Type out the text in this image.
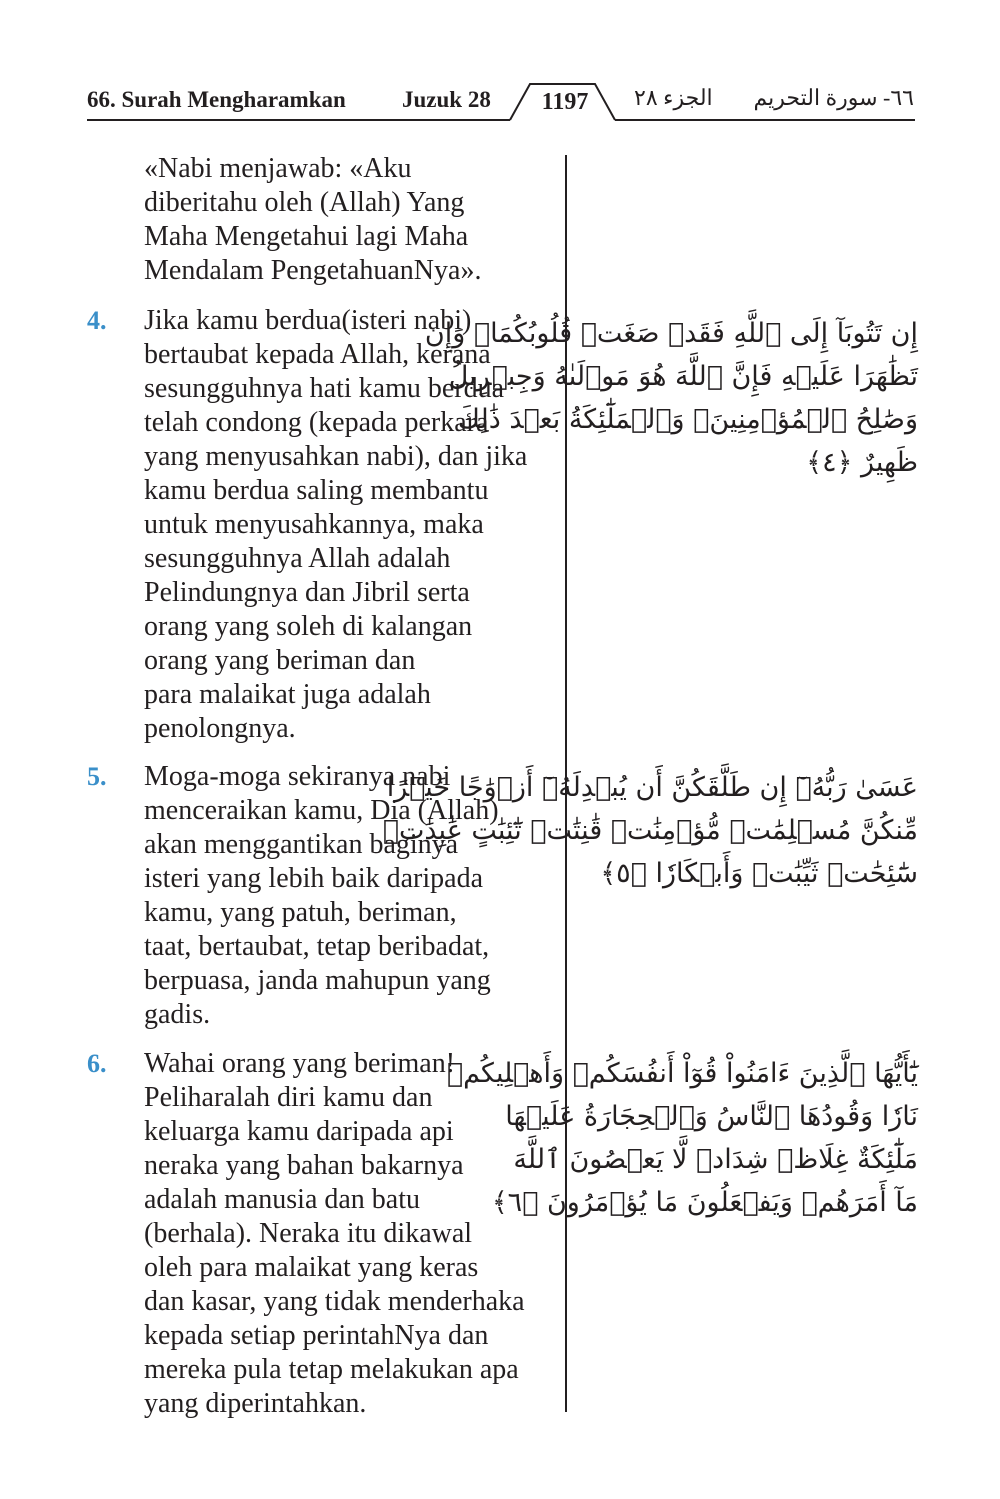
66. Surah Mengharamkan Juzuk 28	1197	الجزء ٢٨ ٦٦- سورة التحريم
«Nabi menjawab: «Aku
diberitahu oleh (Allah) Yang
Maha Mengetahui lagi Maha
Mendalam PengetahuanNya».
4. Jika kamu berdua(isteri nabi)
bertaubat kepada Allah, kerana
sesungguhnya hati kamu berdua
telah condong (kepada perkara
yang menyusahkan nabi), dan jika
kamu berdua saling membantu
untuk menyusahkannya, maka
sesungguhnya Allah adalah
Pelindungnya dan Jibril serta
orang yang soleh di kalangan
orang yang beriman dan
para malaikat juga adalah
penolongnya.
إِن تَتُوبَآ إِلَى ٱللَّهِ فَقَدۡ صَغَتۡ قُلُوبُكُمَاۖ وَإِن
تَظَٰهَرَا عَلَيۡهِ فَإِنَّ ٱللَّهَ هُوَ مَوۡلَىٰهُ وَجِبۡرِيلُ
وَصَٰلِحُ ٱلۡمُؤۡمِنِينَۖ وَٱلۡمَلَٰٓئِكَةُ بَعۡدَ ذَٰلِكَ
ظَهِيرٌ ﴿٤﴾
5. Moga-moga sekiranya nabi
menceraikan kamu, Dia (Allah)
akan menggantikan baginya
isteri yang lebih baik daripada
kamu, yang patuh, beriman,
taat, bertaubat, tetap beribadat,
berpuasa, janda mahupun yang
gadis.
عَسَىٰ رَبُّهُۥٓ إِن طَلَّقَكُنَّ أَن يُبۡدِلَهُۥٓ أَزۡوَٰجًا خَيۡرًا
مِّنكُنَّ مُسۡلِمَٰتٖ مُّؤۡمِنَٰتٖ قَٰنِتَٰتٖ تَٰٓئِبَٰتٍ عَٰبِدَٰتٖ
سَٰٓئِحَٰتٖ ثَيِّبَٰتٖ وَأَبۡكَارٗا ﴿٥﴾
6. Wahai orang yang beriman!
Peliharalah diri kamu dan
keluarga kamu daripada api
neraka yang bahan bakarnya
adalah manusia dan batu
(berhala). Neraka itu dikawal
oleh para malaikat yang keras
dan kasar, yang tidak menderhaka
kepada setiap perintahNya dan
mereka pula tetap melakukan apa
yang diperintahkan.
يَٰٓأَيُّهَا ٱلَّذِينَ ءَامَنُواْ قُوٓاْ أَنفُسَكُمۡ وَأَهۡلِيكُمۡ
نَارٗا وَقُودُهَا ٱلنَّاسُ وَٱلۡحِجَارَةُ عَلَيۡهَا
مَلَٰٓئِكَةٌ غِلَاظٞ شِدَادٞ لَّا يَعۡصُونَ ٱللَّهَ
مَآ أَمَرَهُمۡ وَيَفۡعَلُونَ مَا يُؤۡمَرُونَ ﴿٦﴾
